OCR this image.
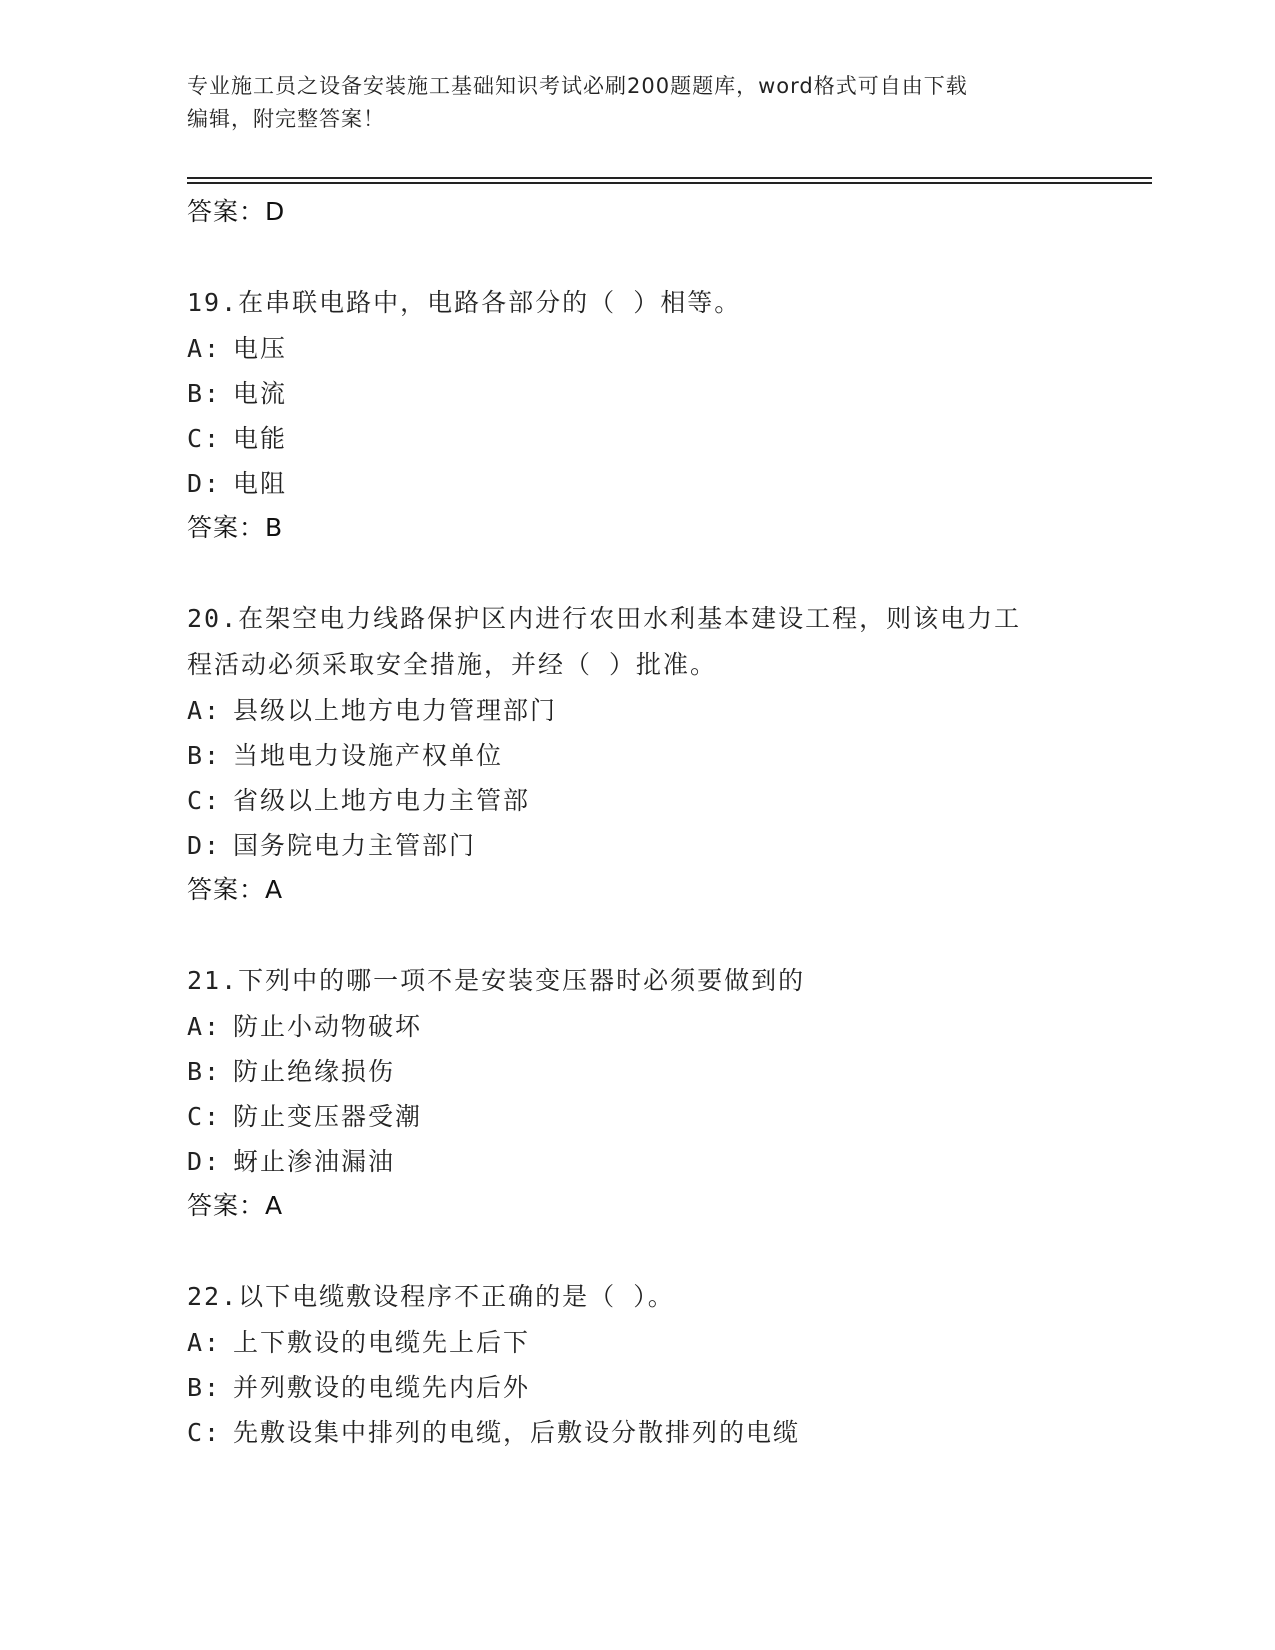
专业施工员之设备安装施工基础知识考试必刷200题题库，word格式可自由下载
编辑，附完整答案！
答案：D
19.在串联电路中，电路各部分的（ ）相等。
A: 电压
B: 电流
C: 电能
D: 电阻
答案：B
20.在架空电力线路保护区内进行农田水利基本建设工程，则该电力工
程活动必须采取安全措施，并经（ ）批准。
A: 县级以上地方电力管理部门
B: 当地电力设施产权单位
C: 省级以上地方电力主管部
D: 国务院电力主管部门
答案：A
21.下列中的哪一项不是安装变压器时必须要做到的
A: 防止小动物破坏
B: 防止绝缘损伤
C: 防止变压器受潮
D: 蚜止渗油漏油
答案：A
22.以下电缆敷设程序不正确的是（ ）。
A: 上下敷设的电缆先上后下
B: 并列敷设的电缆先内后外
C: 先敷设集中排列的电缆，后敷设分散排列的电缆
